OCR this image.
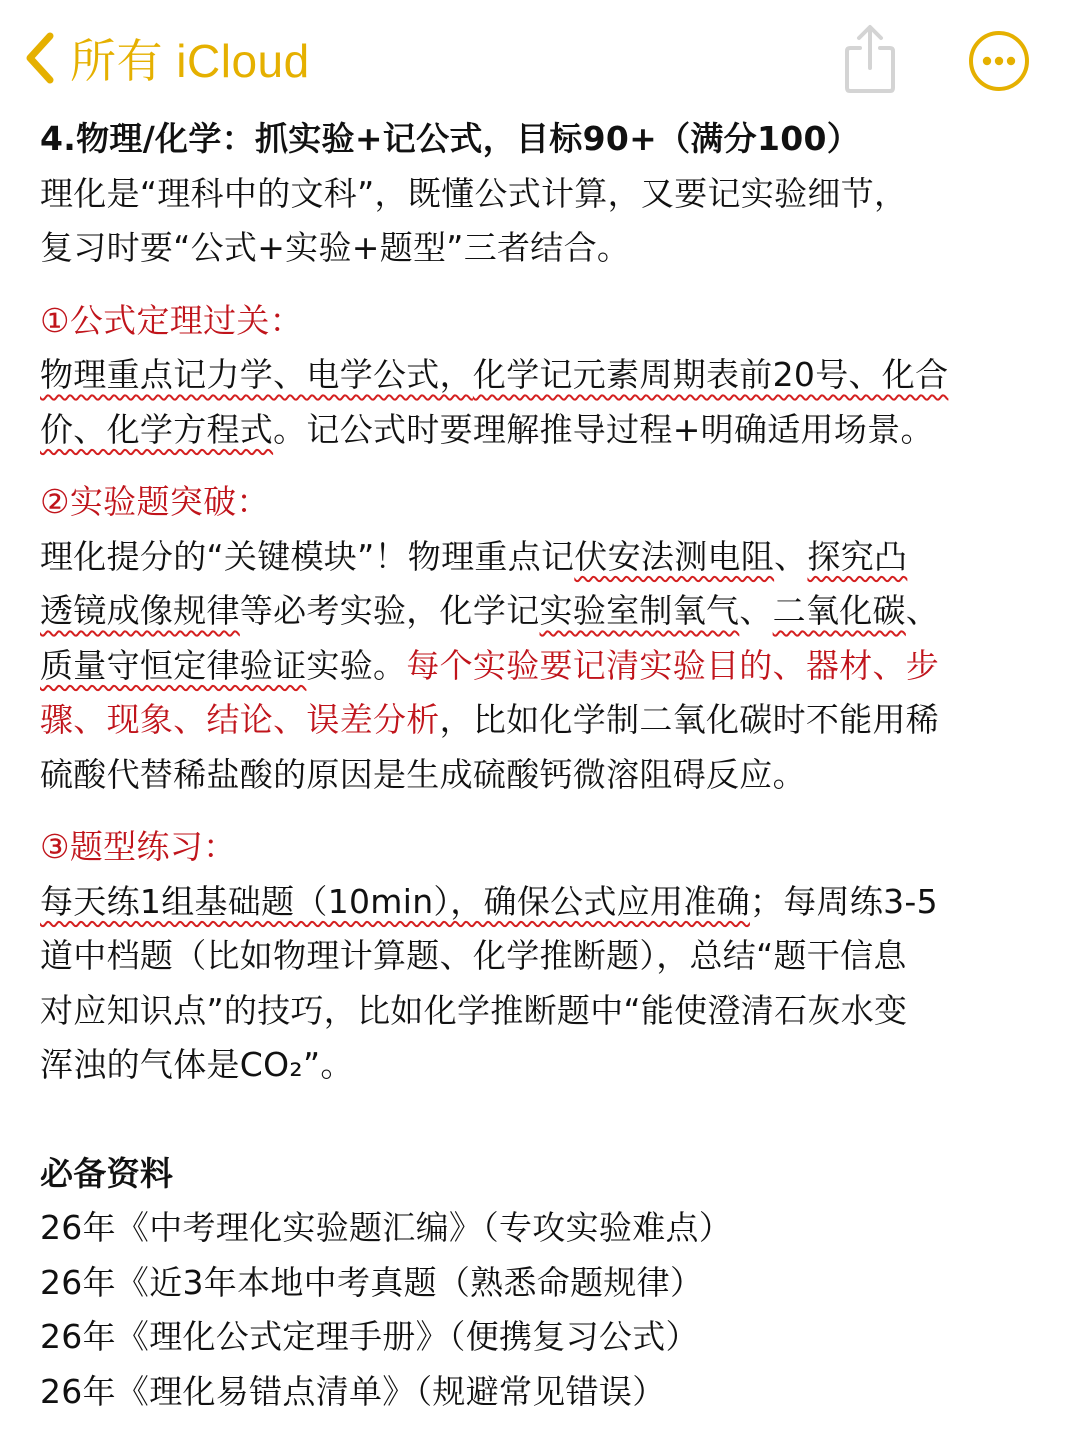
所有 iCloud
4.物理/化学：抓实验+记公式，目标90+（满分100）
理化是“理科中的文科”，既懂公式计算，又要记实验细节，
复习时要“公式+实验+题型”三者结合。
①公式定理过关：
物理重点记力学、电学公式，化学记元素周期表前20号、化合
价、化学方程式。记公式时要理解推导过程+明确适用场景。
②实验题突破：
理化提分的“关键模块”！物理重点记伏安法测电阻、探究凸
透镜成像规律等必考实验，化学记实验室制氧气、二氧化碳、
质量守恒定律验证实验。每个实验要记清实验目的、器材、步
骤、现象、结论、误差分析，比如化学制二氧化碳时不能用稀
硫酸代替稀盐酸的原因是生成硫酸钙微溶阻碍反应。
③题型练习：
每天练1组基础题（10min），确保公式应用准确；每周练3-5
道中档题（比如物理计算题、化学推断题），总结“题干信息
对应知识点”的技巧，比如化学推断题中“能使澄清石灰水变
浑浊的气体是CO₂”。
必备资料
26年《中考理化实验题汇编》（专攻实验难点）
26年《近3年本地中考真题（熟悉命题规律）
26年《理化公式定理手册》（便携复习公式）
26年《理化易错点清单》（规避常见错误）
